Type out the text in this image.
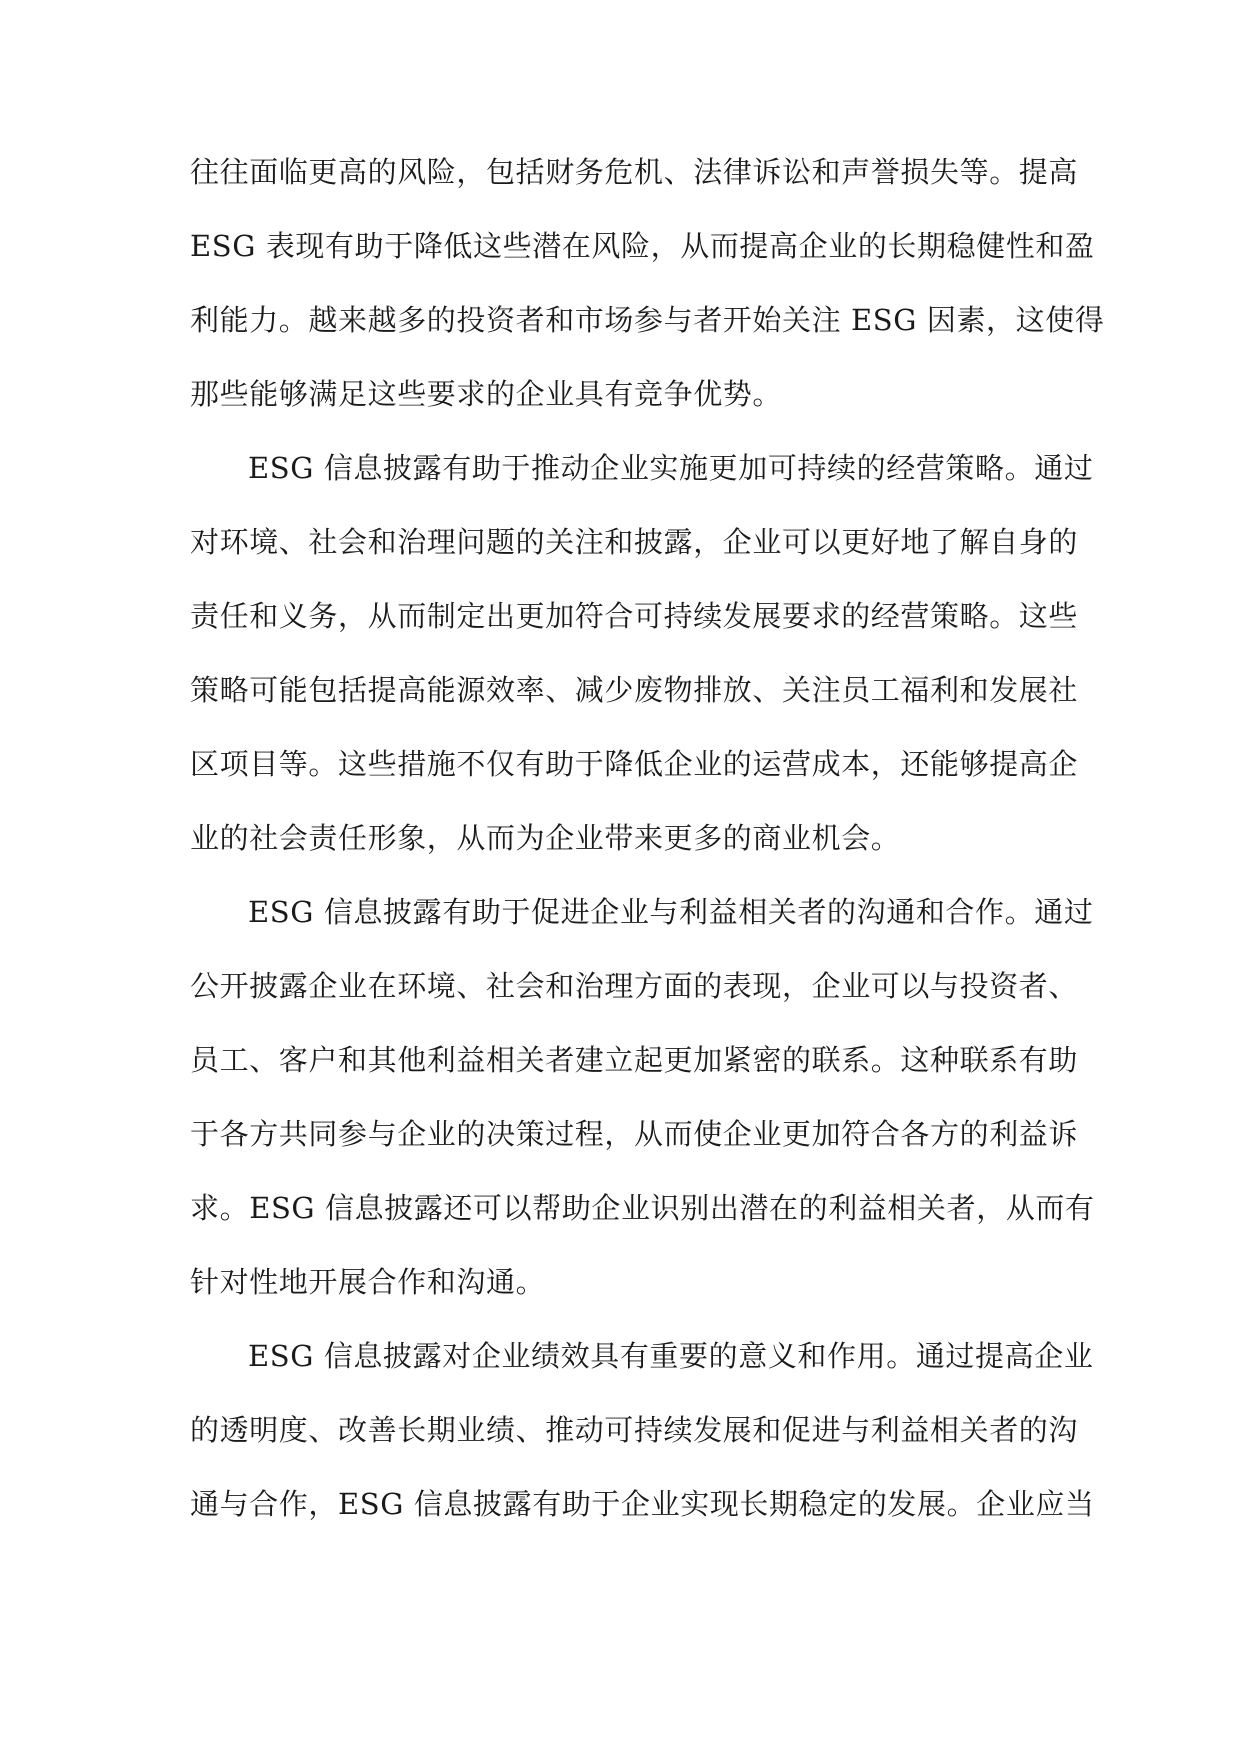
往往面临更高的风险，包括财务危机、法律诉讼和声誉损失等。提高
ESG 表现有助于降低这些潜在风险，从而提高企业的长期稳健性和盈
利能力。越来越多的投资者和市场参与者开始关注 ESG 因素，这使得
那些能够满足这些要求的企业具有竞争优势。
ESG 信息披露有助于推动企业实施更加可持续的经营策略。通过
对环境、社会和治理问题的关注和披露，企业可以更好地了解自身的
责任和义务，从而制定出更加符合可持续发展要求的经营策略。这些
策略可能包括提高能源效率、减少废物排放、关注员工福利和发展社
区项目等。这些措施不仅有助于降低企业的运营成本，还能够提高企
业的社会责任形象，从而为企业带来更多的商业机会。
ESG 信息披露有助于促进企业与利益相关者的沟通和合作。通过
公开披露企业在环境、社会和治理方面的表现，企业可以与投资者、
员工、客户和其他利益相关者建立起更加紧密的联系。这种联系有助
于各方共同参与企业的决策过程，从而使企业更加符合各方的利益诉
求。ESG 信息披露还可以帮助企业识别出潜在的利益相关者，从而有
针对性地开展合作和沟通。
ESG 信息披露对企业绩效具有重要的意义和作用。通过提高企业
的透明度、改善长期业绩、推动可持续发展和促进与利益相关者的沟
通与合作，ESG 信息披露有助于企业实现长期稳定的发展。企业应当
